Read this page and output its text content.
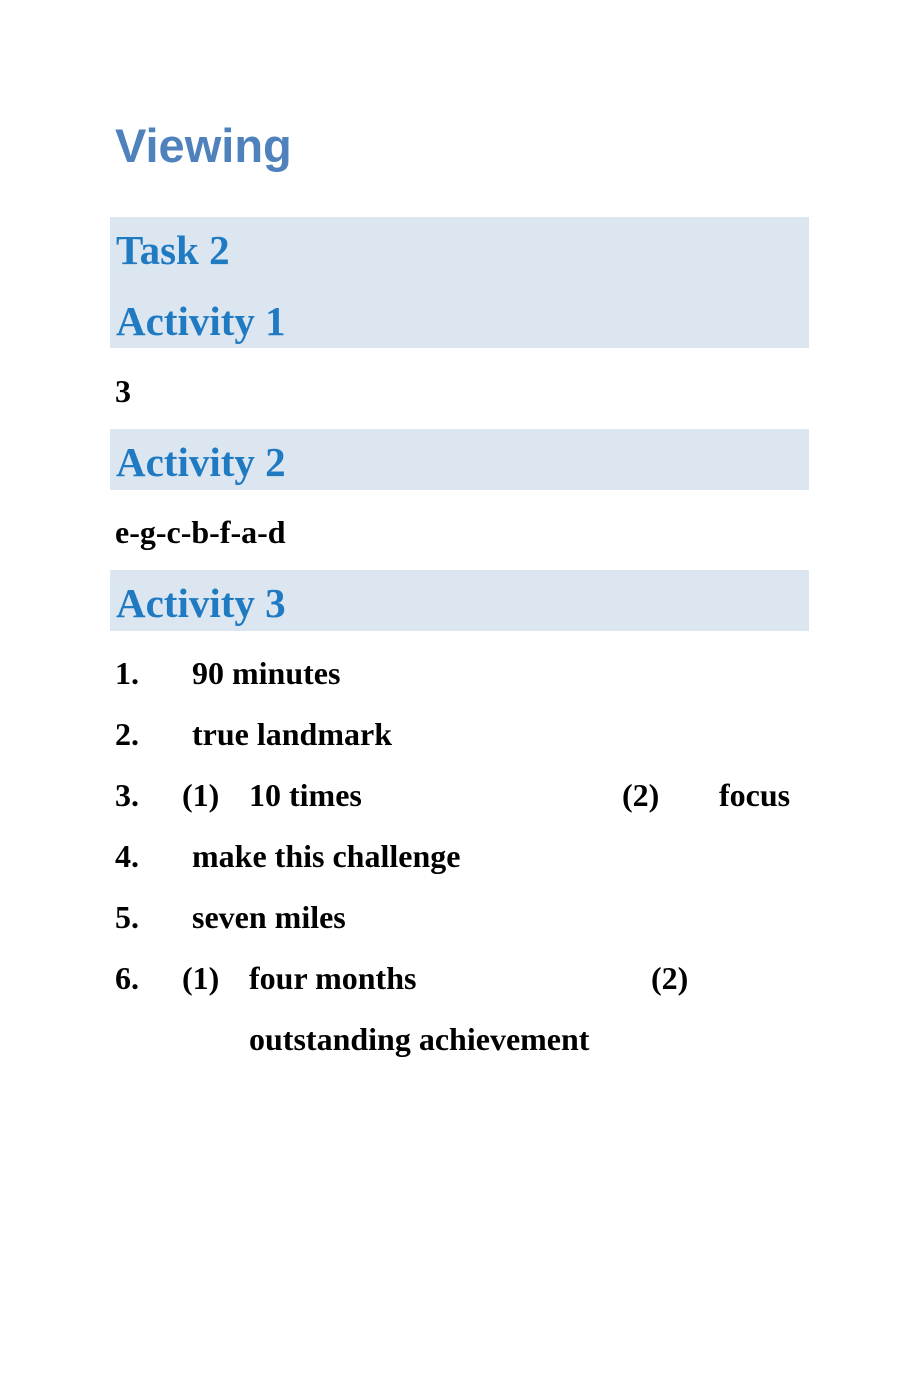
Viewing
Task 2
Activity 1
3
Activity 2
e-g-c-b-f-a-d
Activity 3
1. 90 minutes
2. true landmark
3. (1) 10 times	(2) focus
4. make this challenge
5. seven miles
6. (1) four months	(2)
outstanding achievement
